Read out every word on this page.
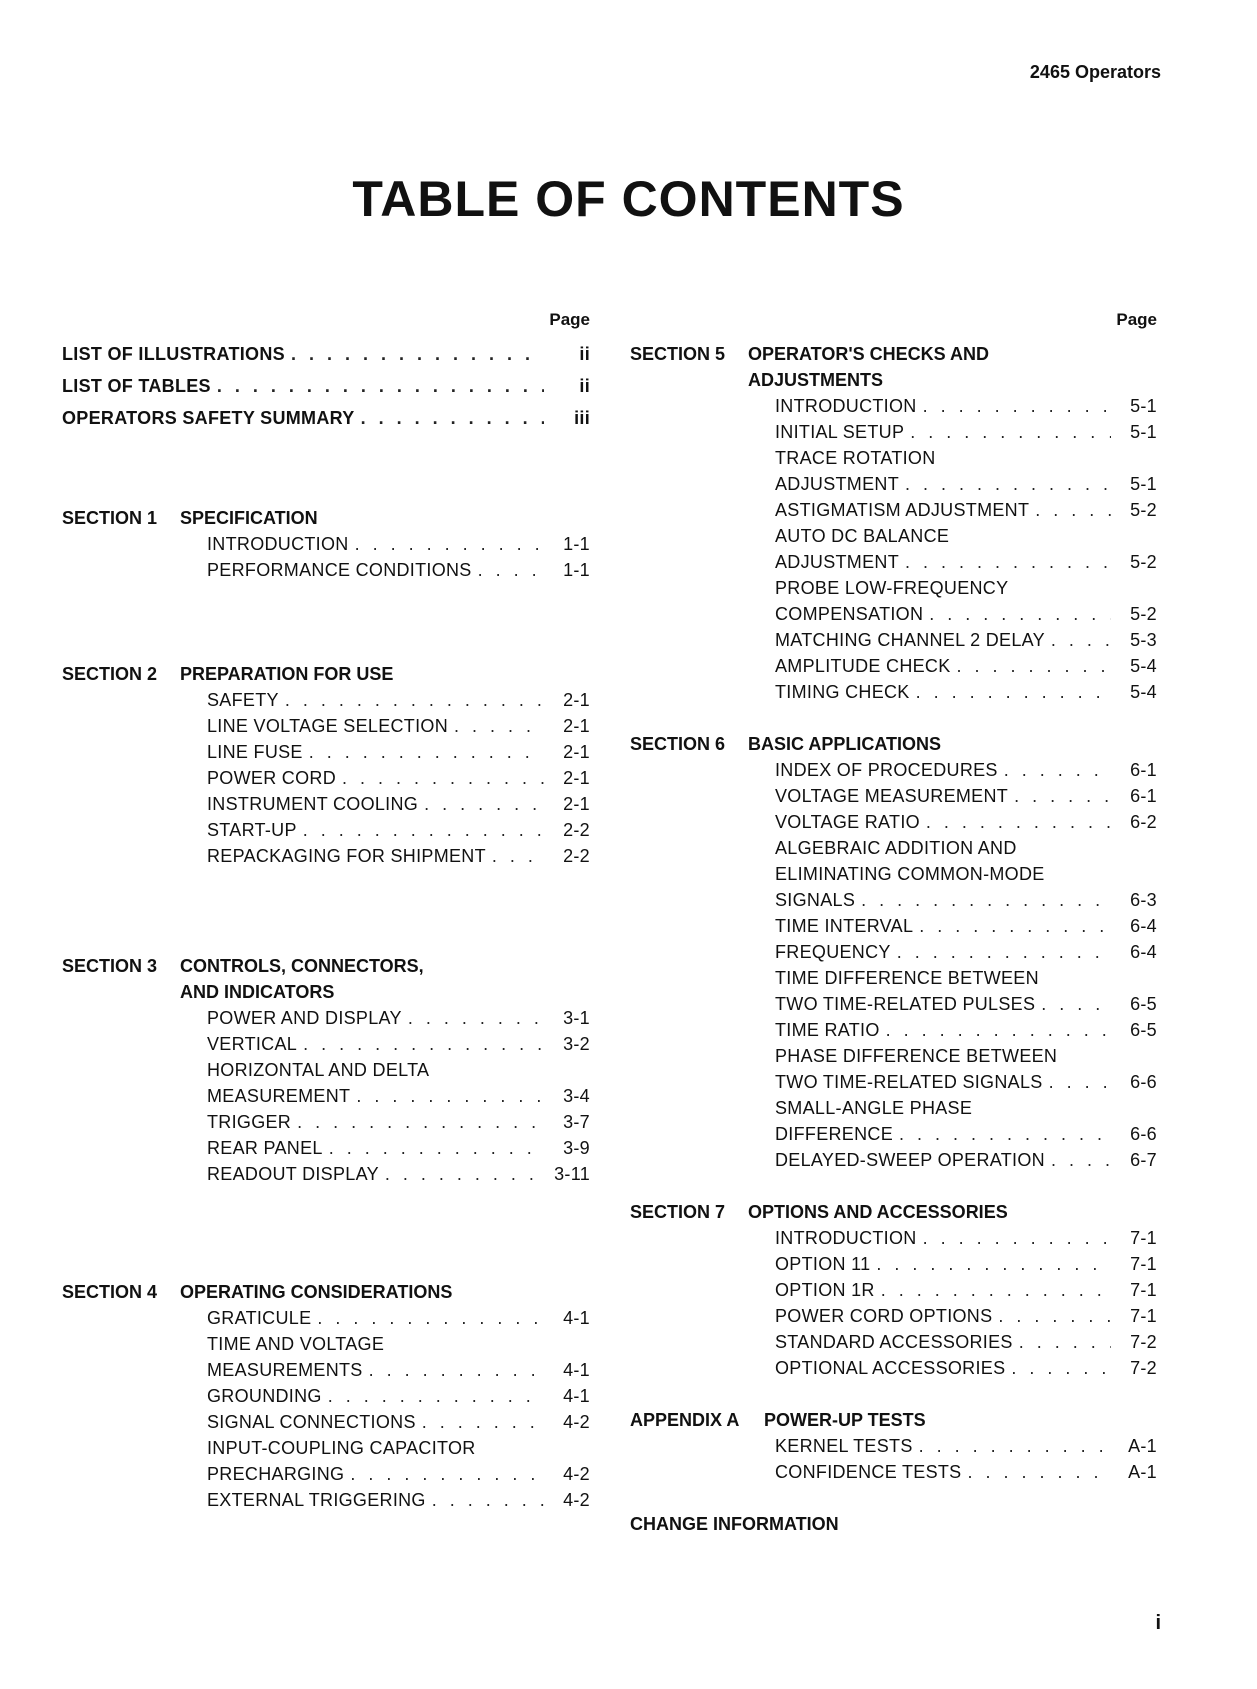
2465 Operators
TABLE OF CONTENTS
Page
LIST OF ILLUSTRATIONS . . .	ii
LIST OF TABLES . . .	ii
OPERATORS SAFETY SUMMARY . . .	iii
SECTION 1	SPECIFICATION
INTRODUCTION . . .	1-1
PERFORMANCE CONDITIONS . . .	1-1
SECTION 2	PREPARATION FOR USE
SAFETY . . .	2-1
LINE VOLTAGE SELECTION . . .	2-1
LINE FUSE . . .	2-1
POWER CORD . . .	2-1
INSTRUMENT COOLING . . .	2-1
START-UP . . .	2-2
REPACKAGING FOR SHIPMENT . . .	2-2
SECTION 3	CONTROLS, CONNECTORS,
AND INDICATORS
POWER AND DISPLAY . . .	3-1
VERTICAL . . .	3-2
HORIZONTAL AND DELTA
MEASUREMENT . . .	3-4
TRIGGER . . .	3-7
REAR PANEL . . .	3-9
READOUT DISPLAY . . .	3-11
SECTION 4	OPERATING CONSIDERATIONS
GRATICULE . . .	4-1
TIME AND VOLTAGE
MEASUREMENTS . . .	4-1
GROUNDING . . .	4-1
SIGNAL CONNECTIONS . . .	4-2
INPUT-COUPLING CAPACITOR
PRECHARGING . . .	4-2
EXTERNAL TRIGGERING . . .	4-2
Page
SECTION 5	OPERATOR'S CHECKS AND
ADJUSTMENTS
INTRODUCTION . . .	5-1
INITIAL SETUP . . .	5-1
TRACE ROTATION
ADJUSTMENT . . .	5-1
ASTIGMATISM ADJUSTMENT . . .	5-2
AUTO DC BALANCE
ADJUSTMENT . . .	5-2
PROBE LOW-FREQUENCY
COMPENSATION . . .	5-2
MATCHING CHANNEL 2 DELAY . . .	5-3
AMPLITUDE CHECK . . .	5-4
TIMING CHECK . . .	5-4
SECTION 6	BASIC APPLICATIONS
INDEX OF PROCEDURES . . .	6-1
VOLTAGE MEASUREMENT . . .	6-1
VOLTAGE RATIO . . .	6-2
ALGEBRAIC ADDITION AND
ELIMINATING COMMON-MODE
SIGNALS . . .	6-3
TIME INTERVAL . . .	6-4
FREQUENCY . . .	6-4
TIME DIFFERENCE BETWEEN
TWO TIME-RELATED PULSES . . .	6-5
TIME RATIO . . .	6-5
PHASE DIFFERENCE BETWEEN
TWO TIME-RELATED SIGNALS . . .	6-6
SMALL-ANGLE PHASE
DIFFERENCE . . .	6-6
DELAYED-SWEEP OPERATION . . .	6-7
SECTION 7	OPTIONS AND ACCESSORIES
INTRODUCTION . . .	7-1
OPTION 11 . . .	7-1
OPTION 1R . . .	7-1
POWER CORD OPTIONS . . .	7-1
STANDARD ACCESSORIES . . .	7-2
OPTIONAL ACCESSORIES . . .	7-2
APPENDIX A	POWER-UP TESTS
KERNEL TESTS . . .	A-1
CONFIDENCE TESTS . . .	A-1
CHANGE INFORMATION
i
